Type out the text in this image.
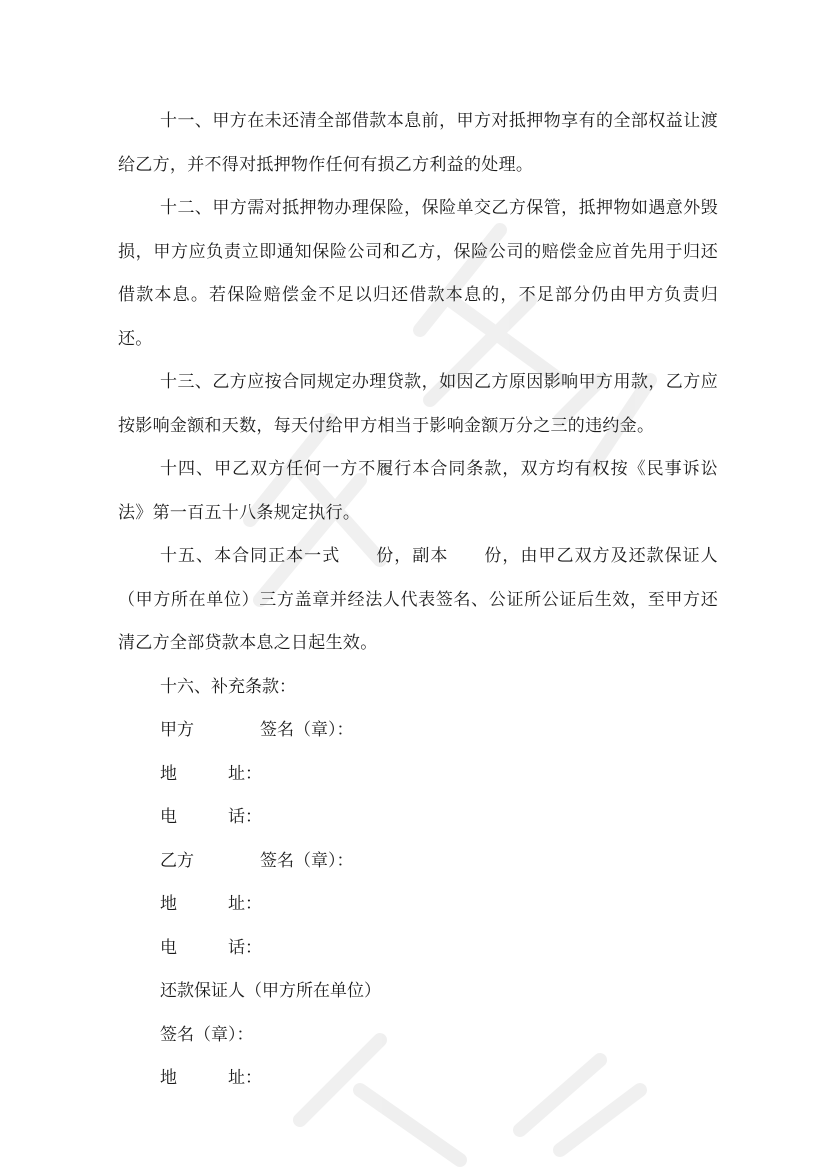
十一、甲方在未还清全部借款本息前，甲方对抵押物享有的全部权益让渡给乙方，并不得对抵押物作任何有损乙方利益的处理。

十二、甲方需对抵押物办理保险，保险单交乙方保管，抵押物如遇意外毁损，甲方应负责立即通知保险公司和乙方，保险公司的赔偿金应首先用于归还借款本息。若保险赔偿金不足以归还借款本息的，不足部分仍由甲方负责归还。

十三、乙方应按合同规定办理贷款，如因乙方原因影响甲方用款，乙方应按影响金额和天数，每天付给甲方相当于影响金额万分之三的违约金。

十四、甲乙双方任何一方不履行本合同条款，双方均有权按《民事诉讼法》第一百五十八条规定执行。

十五、本合同正本一式　　份，副本　　份，由甲乙双方及还款保证人（甲方所在单位）三方盖章并经法人代表签名、公证所公证后生效，至甲方还清乙方全部贷款本息之日起生效。

十六、补充条款：

甲方	签名（章）：
地	址：
电	话：
乙方	签名（章）：
地	址：
电	话：

还款保证人（甲方所在单位）

签名（章）：

地	址：
